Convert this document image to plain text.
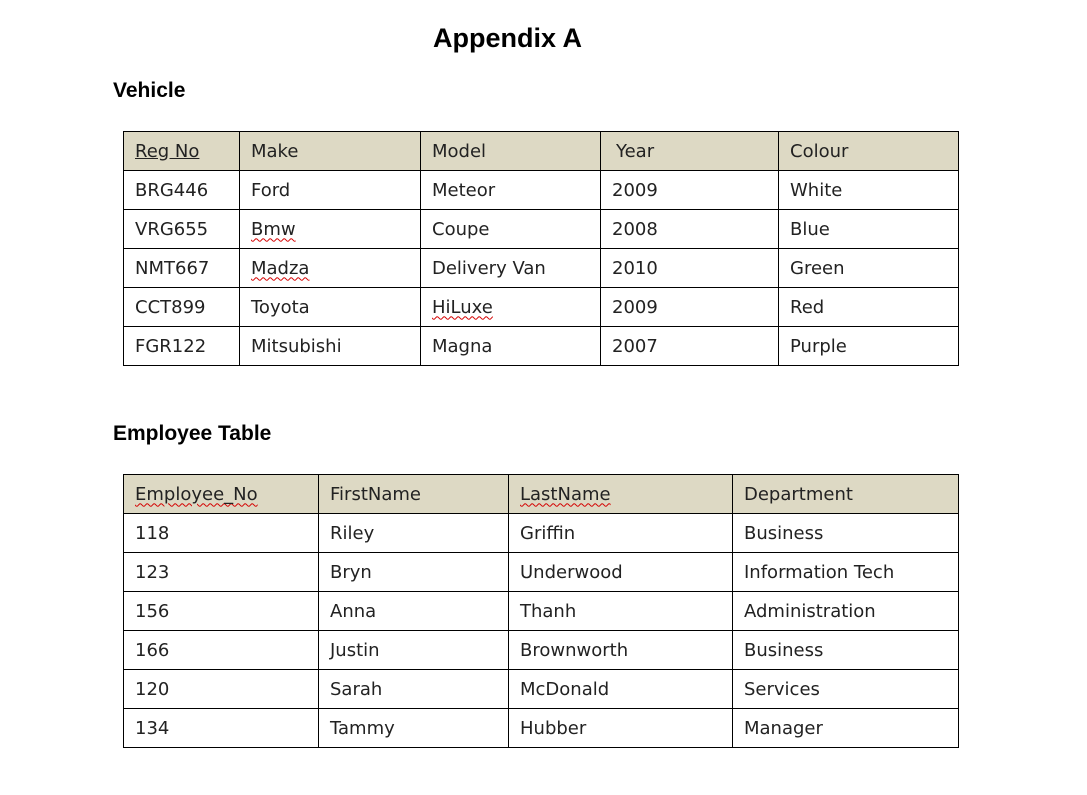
Appendix A
Vehicle
Reg No	Make	Model	Year	Colour
BRG446	Ford	Meteor	2009	White
VRG655	Bmw	Coupe	2008	Blue
NMT667	Madza	Delivery Van	2010	Green
CCT899	Toyota	HiLuxe	2009	Red
FGR122	Mitsubishi	Magna	2007	Purple
Employee Table
Employee_No	FirstName	LastName	Department
118	Riley	Griffin	Business
123	Bryn	Underwood	Information Tech
156	Anna	Thanh	Administration
166	Justin	Brownworth	Business
120	Sarah	McDonald	Services
134	Tammy	Hubber	Manager
